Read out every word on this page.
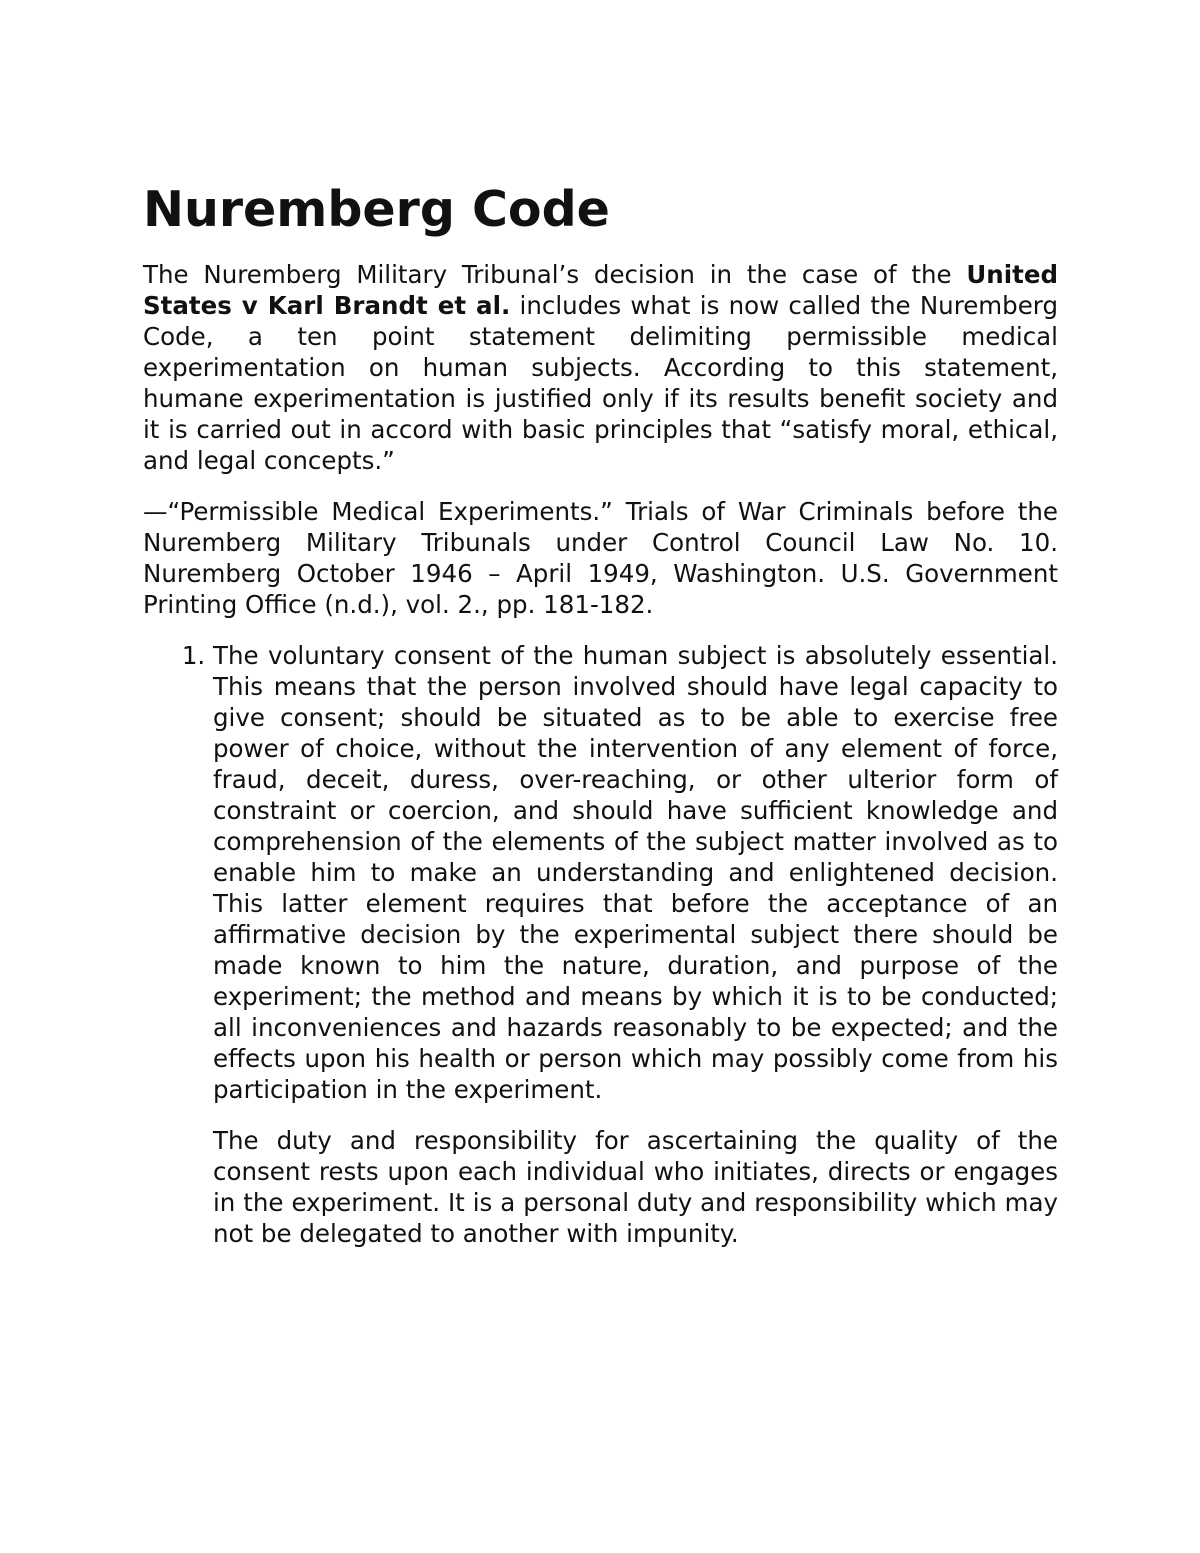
Nuremberg Code

The Nuremberg Military Tribunal’s decision in the case of the United States v Karl Brandt et al. includes what is now called the Nuremberg Code, a ten point statement delimiting permissible medical experimentation on human subjects. According to this statement, humane experimentation is justified only if its results benefit society and it is carried out in accord with basic principles that “satisfy moral, ethical, and legal concepts.”

—“Permissible Medical Experiments.” Trials of War Criminals before the Nuremberg Military Tribunals under Control Council Law No. 10. Nuremberg October 1946 – April 1949, Washington. U.S. Government Printing Office (n.d.), vol. 2., pp. 181-182.

1. The voluntary consent of the human subject is absolutely essential. This means that the person involved should have legal capacity to give consent; should be situated as to be able to exercise free power of choice, without the intervention of any element of force, fraud, deceit, duress, over-reaching, or other ulterior form of constraint or coercion, and should have sufficient knowledge and comprehension of the elements of the subject matter involved as to enable him to make an understanding and enlightened decision. This latter element requires that before the acceptance of an affirmative decision by the experimental subject there should be made known to him the nature, duration, and purpose of the experiment; the method and means by which it is to be conducted; all inconveniences and hazards reasonably to be expected; and the effects upon his health or person which may possibly come from his participation in the experiment.

The duty and responsibility for ascertaining the quality of the consent rests upon each individual who initiates, directs or engages in the experiment. It is a personal duty and responsibility which may not be delegated to another with impunity.
